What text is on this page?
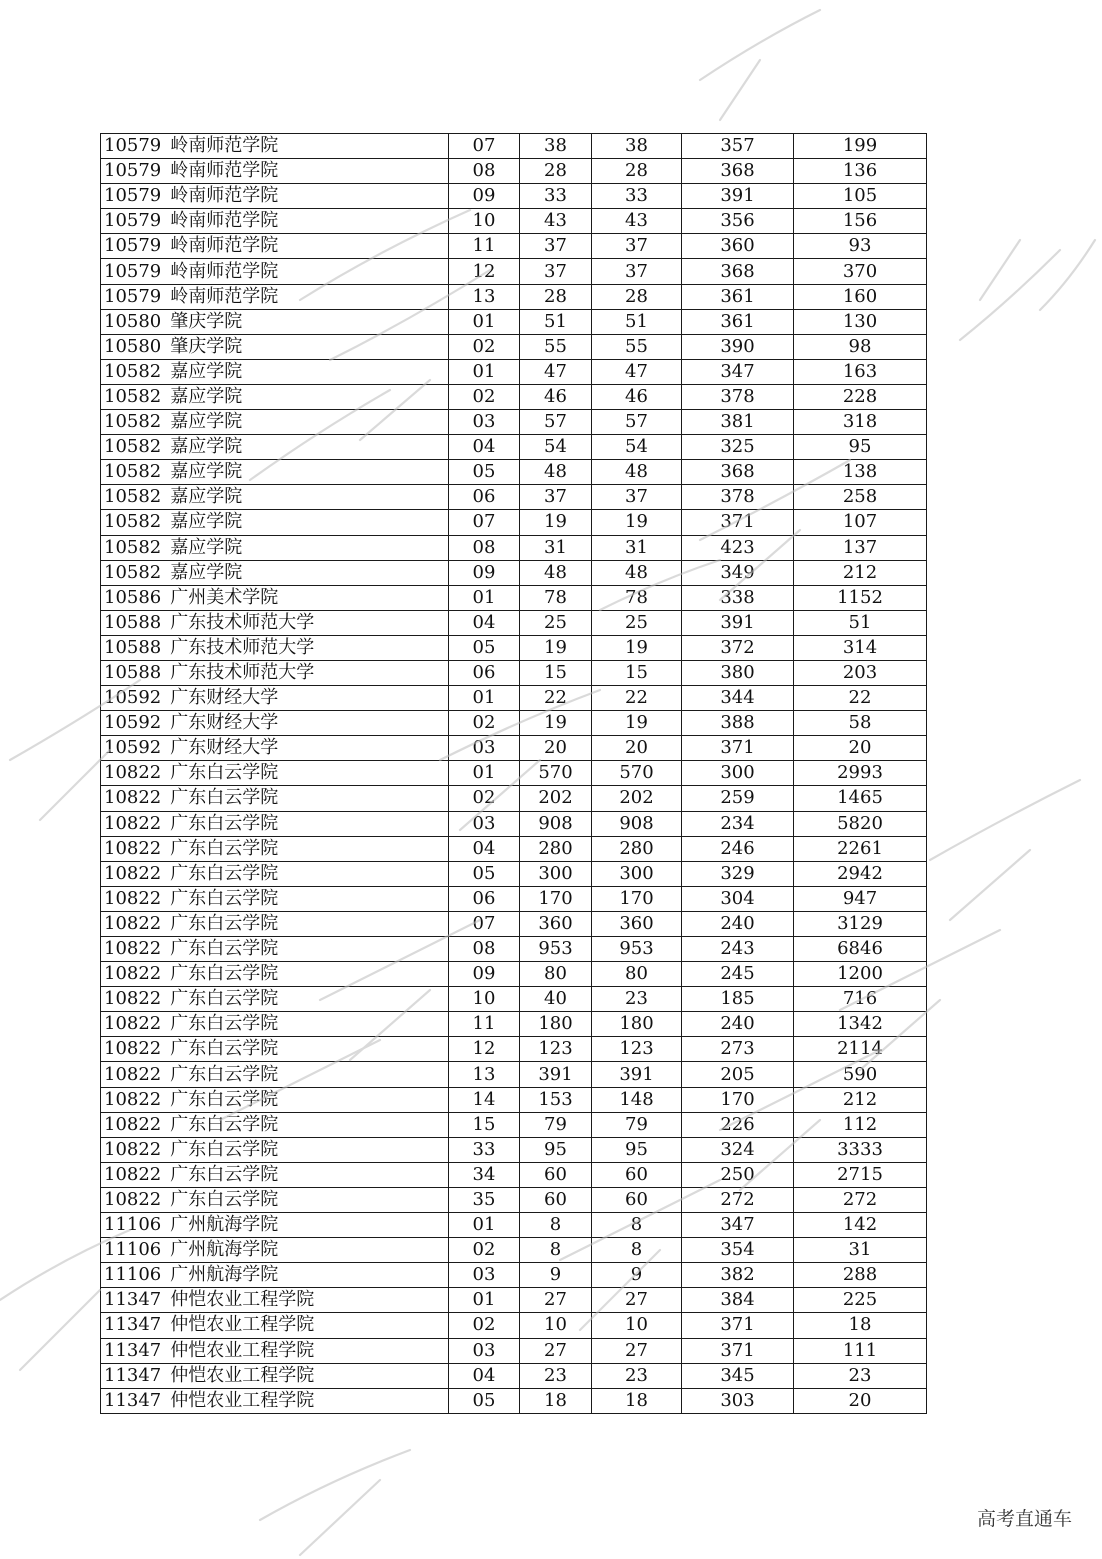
10579 岭南师范学院	07	38	38	357	199
10579 岭南师范学院	08	28	28	368	136
10579 岭南师范学院	09	33	33	391	105
10579 岭南师范学院	10	43	43	356	156
10579 岭南师范学院	11	37	37	360	93
10579 岭南师范学院	12	37	37	368	370
10579 岭南师范学院	13	28	28	361	160
10580 肇庆学院	01	51	51	361	130
10580 肇庆学院	02	55	55	390	98
10582 嘉应学院	01	47	47	347	163
10582 嘉应学院	02	46	46	378	228
10582 嘉应学院	03	57	57	381	318
10582 嘉应学院	04	54	54	325	95
10582 嘉应学院	05	48	48	368	138
10582 嘉应学院	06	37	37	378	258
10582 嘉应学院	07	19	19	371	107
10582 嘉应学院	08	31	31	423	137
10582 嘉应学院	09	48	48	349	212
10586 广州美术学院	01	78	78	338	1152
10588 广东技术师范大学	04	25	25	391	51
10588 广东技术师范大学	05	19	19	372	314
10588 广东技术师范大学	06	15	15	380	203
10592 广东财经大学	01	22	22	344	22
10592 广东财经大学	02	19	19	388	58
10592 广东财经大学	03	20	20	371	20
10822 广东白云学院	01	570	570	300	2993
10822 广东白云学院	02	202	202	259	1465
10822 广东白云学院	03	908	908	234	5820
10822 广东白云学院	04	280	280	246	2261
10822 广东白云学院	05	300	300	329	2942
10822 广东白云学院	06	170	170	304	947
10822 广东白云学院	07	360	360	240	3129
10822 广东白云学院	08	953	953	243	6846
10822 广东白云学院	09	80	80	245	1200
10822 广东白云学院	10	40	23	185	716
10822 广东白云学院	11	180	180	240	1342
10822 广东白云学院	12	123	123	273	2114
10822 广东白云学院	13	391	391	205	590
10822 广东白云学院	14	153	148	170	212
10822 广东白云学院	15	79	79	226	112
10822 广东白云学院	33	95	95	324	3333
10822 广东白云学院	34	60	60	250	2715
10822 广东白云学院	35	60	60	272	272
11106 广州航海学院	01	8	8	347	142
11106 广州航海学院	02	8	8	354	31
11106 广州航海学院	03	9	9	382	288
11347 仲恺农业工程学院	01	27	27	384	225
11347 仲恺农业工程学院	02	10	10	371	18
11347 仲恺农业工程学院	03	27	27	371	111
11347 仲恺农业工程学院	04	23	23	345	23
11347 仲恺农业工程学院	05	18	18	303	20
高考直通车
